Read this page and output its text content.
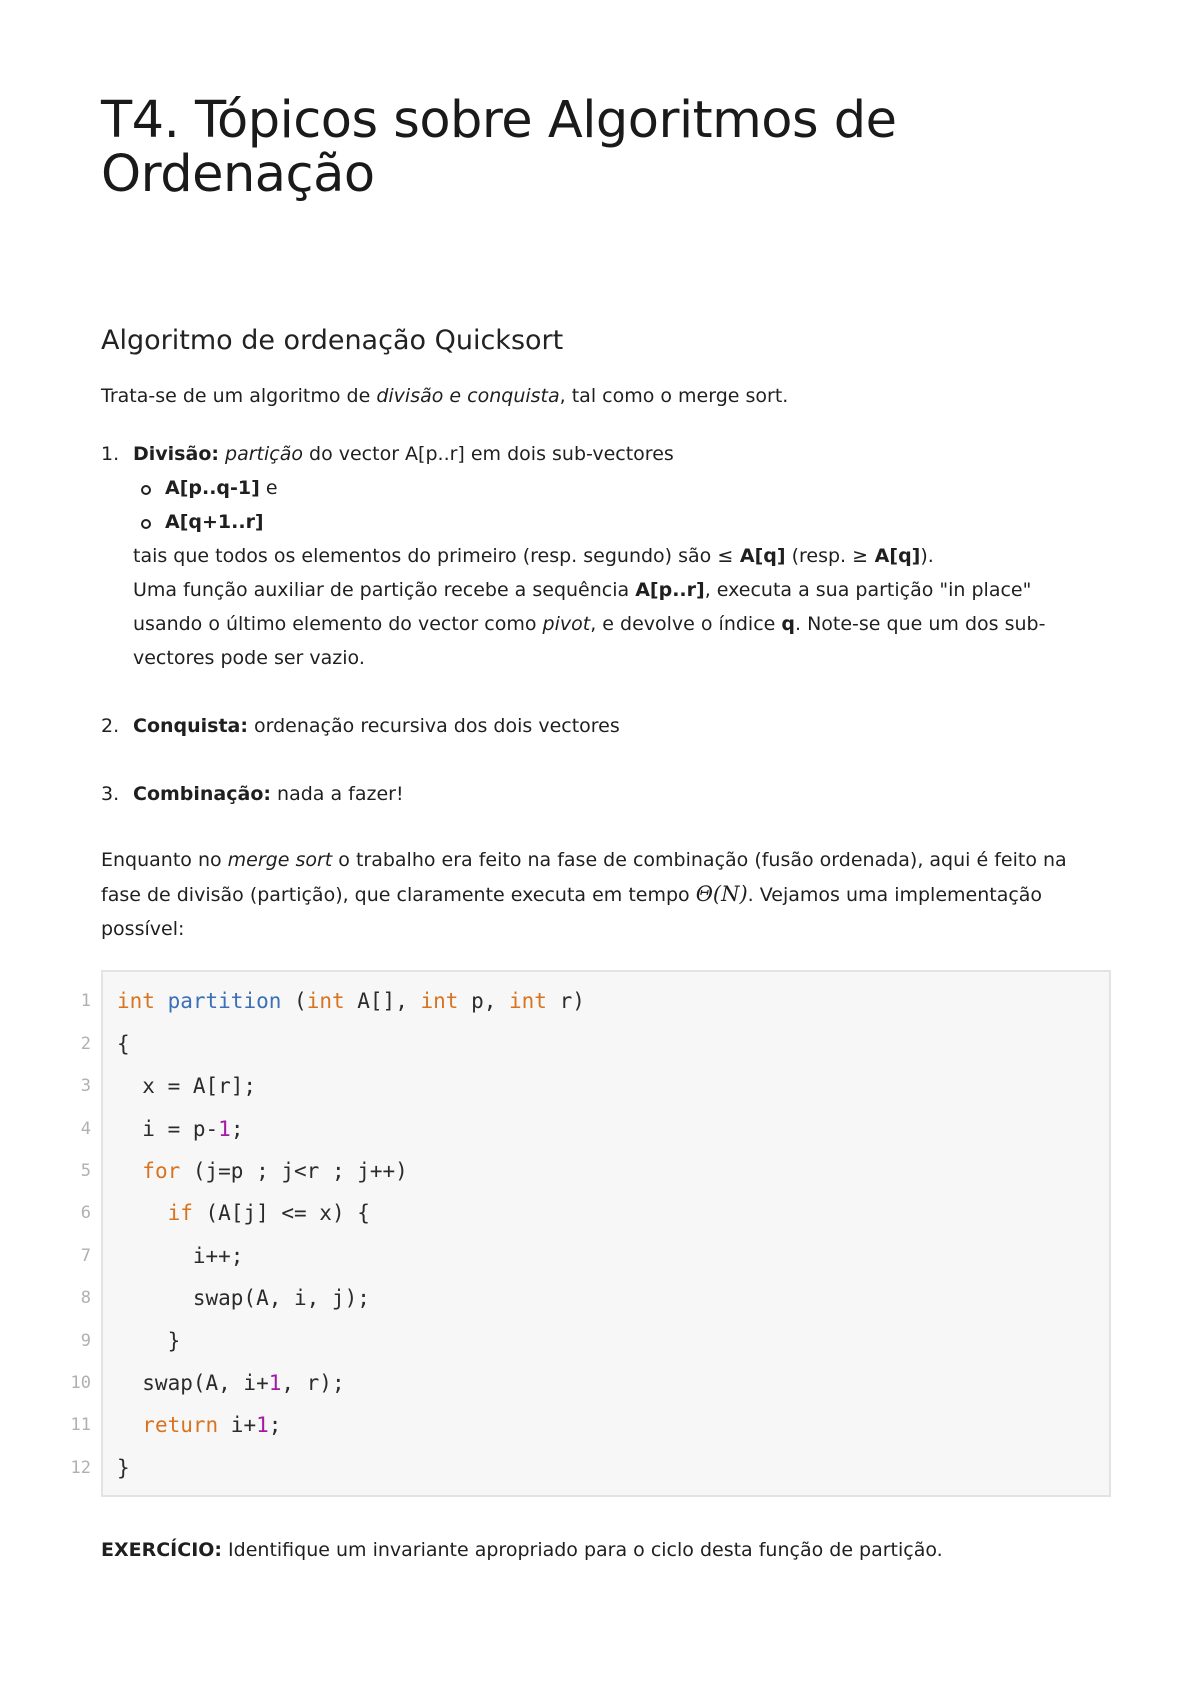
T4. Tópicos sobre Algoritmos de Ordenação
Algoritmo de ordenação Quicksort

Trata-se de um algoritmo de divisão e conquista, tal como o merge sort.

1. Divisão: partição do vector A[p..r] em dois sub-vectores
A[p..q-1] e
A[q+1..r]
tais que todos os elementos do primeiro (resp. segundo) são ≤ A[q] (resp. ≥ A[q]).
Uma função auxiliar de partição recebe a sequência A[p..r], executa a sua partição "in place" usando o último elemento do vector como pivot, e devolve o índice q. Note-se que um dos sub-vectores pode ser vazio.
2. Conquista: ordenação recursiva dos dois vectores
3. Combinação: nada a fazer!

Enquanto no merge sort o trabalho era feito na fase de combinação (fusão ordenada), aqui é feito na fase de divisão (partição), que claramente executa em tempo Θ(N). Vejamos uma implementação possível:

1 int partition (int A[], int p, int r)
2 {
3 x = A[r];
4 i = p-1;
5 for (j=p ; j<r ; j++)
6	if (A[j] <= x) {
7 i++;
8 swap(A, i, j);
9 }
10 swap(A, i+1, r);
11 return i+1;
12 }

EXERCÍCIO: Identifique um invariante apropriado para o ciclo desta função de partição.
